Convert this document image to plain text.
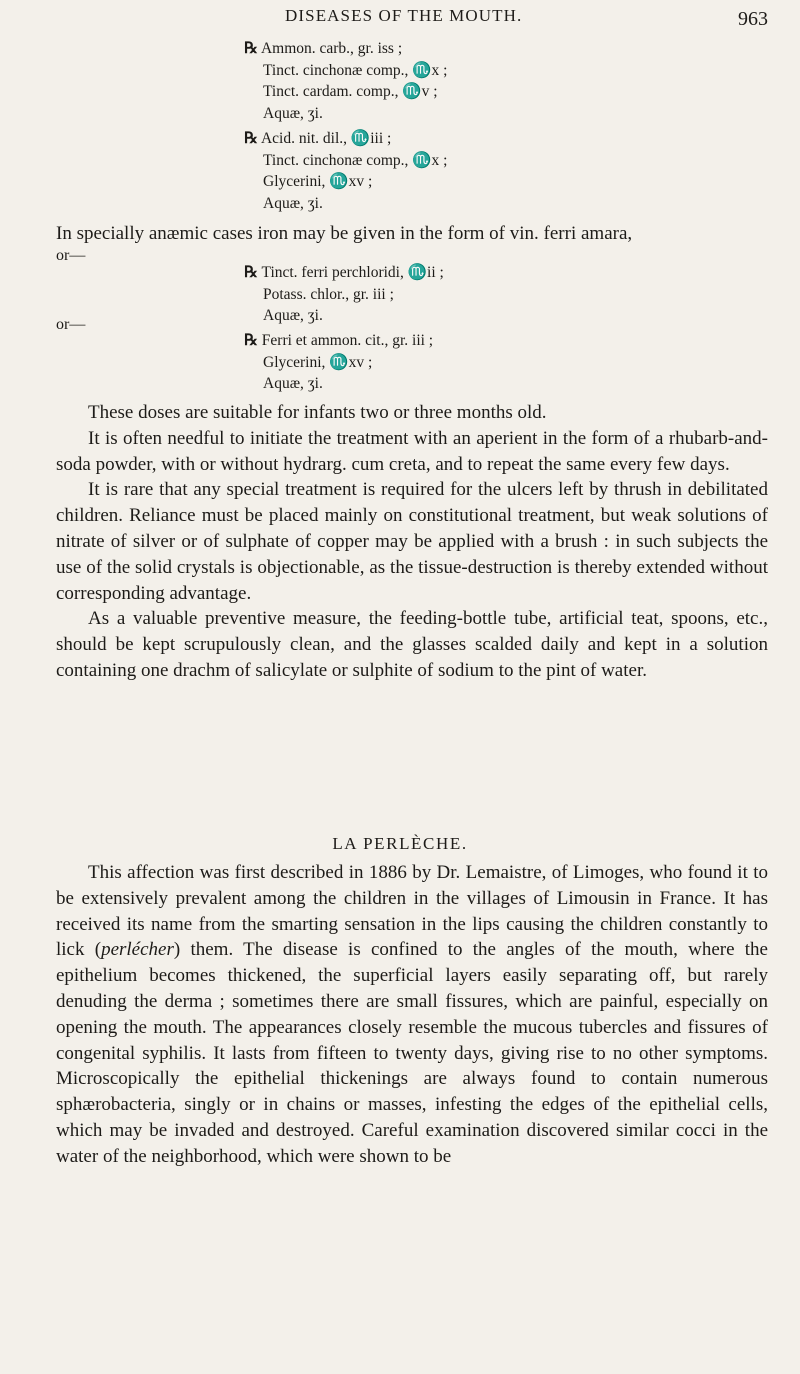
DISEASES OF THE MOUTH.	963
℞ Ammon. carb., gr. iss ;
Tinct. cinchonæ comp., ♏x ;
Tinct. cardam. comp., ♏v ;
Aquæ, ʒi.
℞ Acid. nit. dil., ♏iii ;
Tinct. cinchonæ comp., ♏x ;
Glycerini, ♏xv ;
Aquæ, ʒi.

In specially anæmic cases iron may be given in the form of vin. ferri amara,

or—
℞ Tinct. ferri perchloridi, ♏ii ;
Potass. chlor., gr. iii ;
Aquæ, ʒi.
or—
℞ Ferri et ammon. cit., gr. iii ;
Glycerini, ♏xv ;
Aquæ, ʒi.

These doses are suitable for infants two or three months old.

It is often needful to initiate the treatment with an aperient in the form of a rhubarb-and-soda powder, with or without hydrarg. cum creta, and to repeat the same every few days.

It is rare that any special treatment is required for the ulcers left by thrush in debilitated children. Reliance must be placed mainly on constitutional treatment, but weak solutions of nitrate of silver or of sulphate of copper may be applied with a brush : in such subjects the use of the solid crystals is objectionable, as the tissue-destruction is thereby extended without corresponding advantage.

As a valuable preventive measure, the feeding-bottle tube, artificial teat, spoons, etc., should be kept scrupulously clean, and the glasses scalded daily and kept in a solution containing one drachm of salicylate or sulphite of sodium to the pint of water.

LA PERLÈCHE.

This affection was first described in 1886 by Dr. Lemaistre, of Limoges, who found it to be extensively prevalent among the children in the villages of Limousin in France. It has received its name from the smarting sensation in the lips causing the children constantly to lick (perlécher) them. The disease is confined to the angles of the mouth, where the epithelium becomes thickened, the superficial layers easily separating off, but rarely denuding the derma ; sometimes there are small fissures, which are painful, especially on opening the mouth. The appearances closely resemble the mucous tubercles and fissures of congenital syphilis. It lasts from fifteen to twenty days, giving rise to no other symptoms. Microscopically the epithelial thickenings are always found to contain numerous sphærobacteria, singly or in chains or masses, infesting the edges of the epithelial cells, which may be invaded and destroyed. Careful examination discovered similar cocci in the water of the neighborhood, which were shown to be
